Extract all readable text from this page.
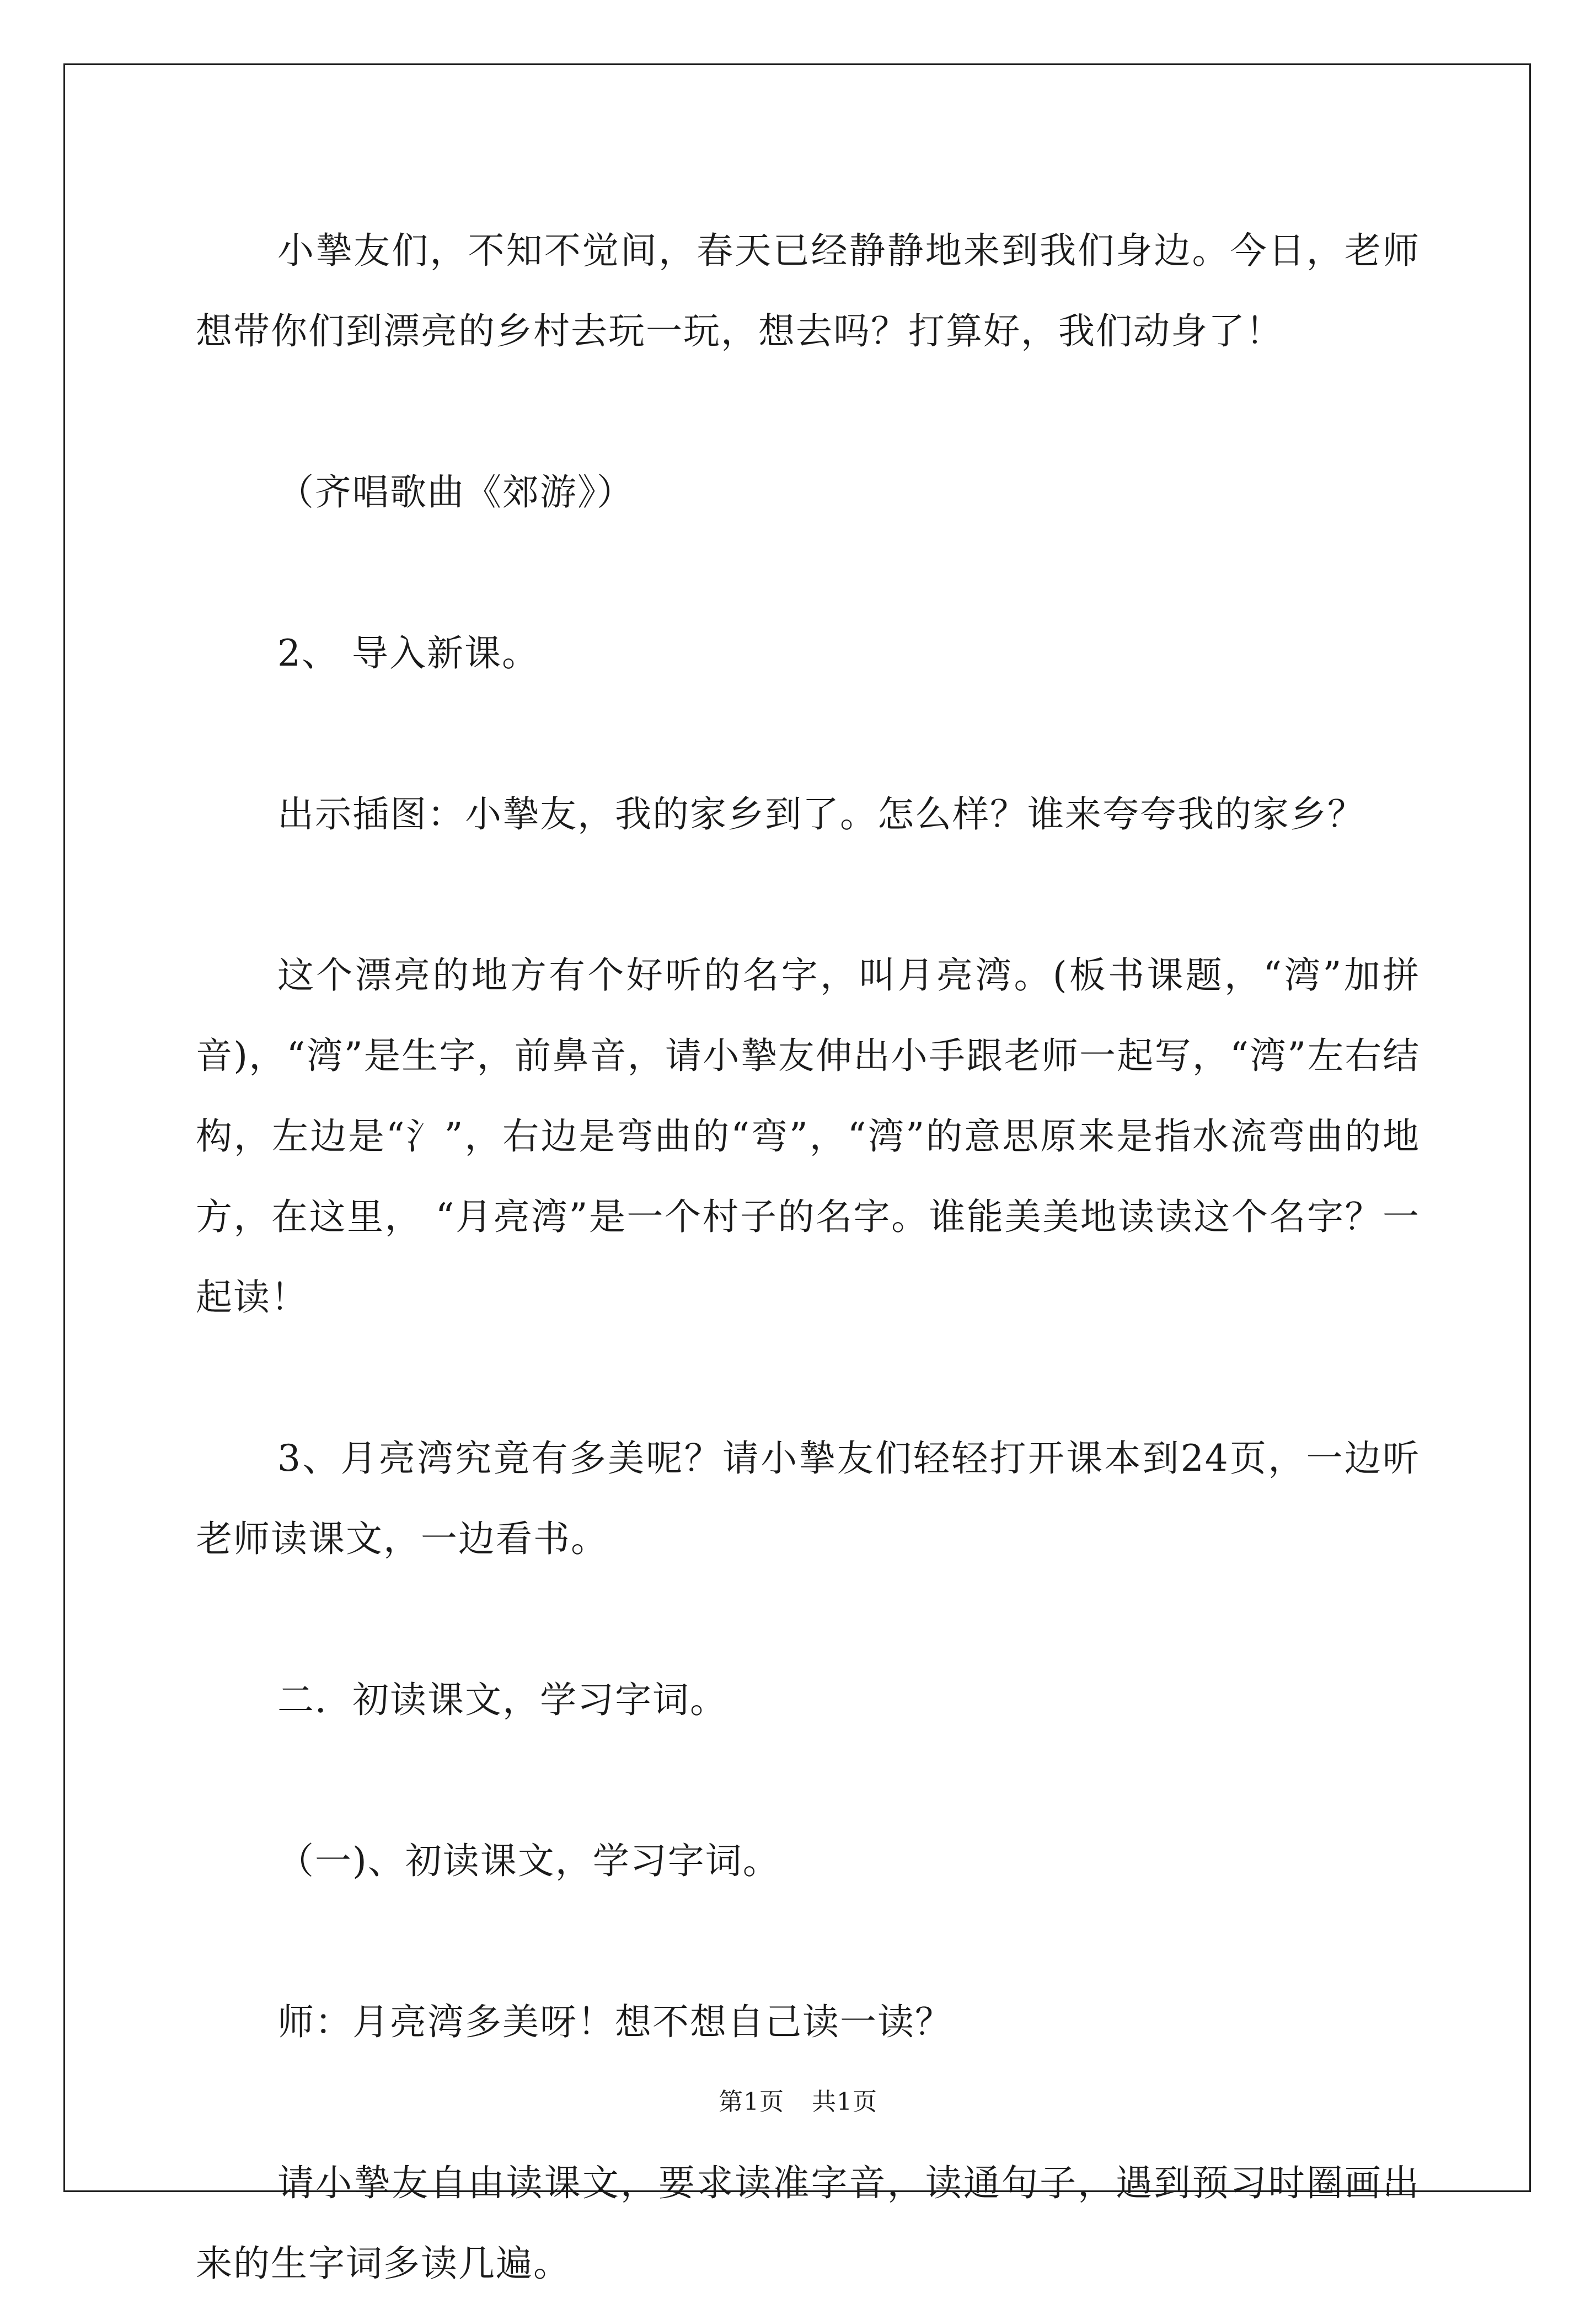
小摯友们，不知不觉间，春天已经静静地来到我们身边。今日，老师想带你们到漂亮的乡村去玩一玩，想去吗？打算好，我们动身了！

（齐唱歌曲《郊游》）

2、 导入新课。

出示插图：小摯友，我的家乡到了。怎么样？谁来夸夸我的家乡？

这个漂亮的地方有个好听的名字，叫月亮湾。(板书课题，“湾”加拼音)，“湾”是生字，前鼻音，请小摯友伸出小手跟老师一起写，“湾”左右结构，左边是“氵”，右边是弯曲的“弯”，“湾”的意思原来是指水流弯曲的地方，在这里， “月亮湾”是一个村子的名字。谁能美美地读读这个名字？一起读！

3、月亮湾究竟有多美呢？请小摯友们轻轻打开课本到24页，一边听老师读课文，一边看书。

二．初读课文，学习字词。

（一)、初读课文，学习字词。

师：月亮湾多美呀！想不想自己读一读？

请小摯友自由读课文，要求读准字音，读通句子，遇到预习时圈画出来的生字词多读几遍。

第1页 共1页
